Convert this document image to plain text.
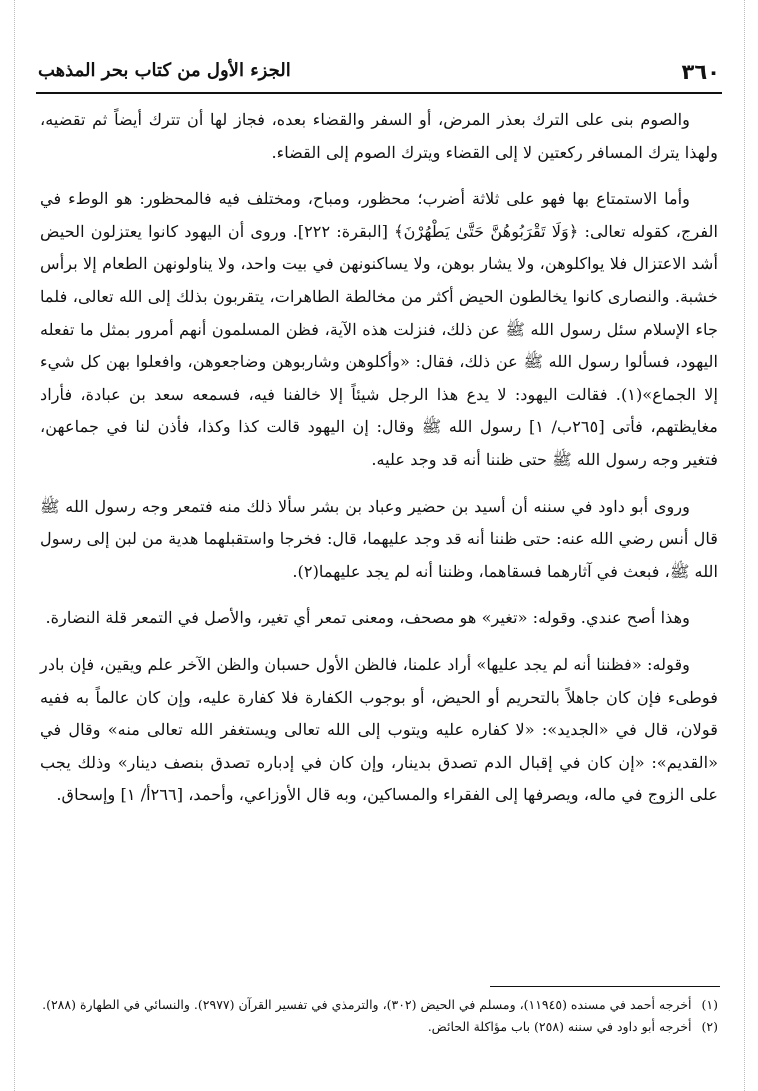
٣٦٠
الجزء الأول من كتاب بحر المذهب

والصوم بنى على الترك بعذر المرض، أو السفر والقضاء بعده، فجاز لها أن تترك أيضاً ثم تقضيه، ولهذا يترك المسافر ركعتين لا إلى القضاء ويترك الصوم إلى القضاء.

وأما الاستمتاع بها فهو على ثلاثة أضرب؛ محظور، ومباح، ومختلف فيه فالمحظور: هو الوطء في الفرج، كقوله تعالى: ﴿وَلَا تَقْرَبُوهُنَّ حَتَّىٰ يَطْهُرْنَ﴾ [البقرة: ٢٢٢]. وروى أن اليهود كانوا يعتزلون الحيض أشد الاعتزال فلا يواكلوهن، ولا يشار بوهن، ولا يساكنونهن في بيت واحد، ولا يناولونهن الطعام إلا برأس خشبة. والنصارى كانوا يخالطون الحيض أكثر من مخالطة الطاهرات، يتقربون بذلك إلى الله تعالى، فلما جاء الإسلام سئل رسول الله ﷺ عن ذلك، فنزلت هذه الآية، فظن المسلمون أنهم أمرور بمثل ما تفعله اليهود، فسألوا رسول الله ﷺ عن ذلك، فقال: «وأكلوهن وشاربوهن وضاجعوهن، وافعلوا بهن كل شيء إلا الجماع»(١). فقالت اليهود: لا يدع هذا الرجل شيئاً إلا خالفنا فيه، فسمعه سعد بن عبادة، فأراد مغايظتهم، فأتى [٢٦٥ب/ ١] رسول الله ﷺ وقال: إن اليهود قالت كذا وكذا، فأذن لنا في جماعهن، فتغير وجه رسول الله ﷺ حتى ظننا أنه قد وجد عليه.

وروى أبو داود في سننه أن أسيد بن حضير وعباد بن بشر سألا ذلك منه فتمعر وجه رسول الله ﷺ قال أنس رضي الله عنه: حتى ظننا أنه قد وجد عليهما، قال: فخرجا واستقبلهما هدية من لبن إلى رسول الله ﷺ، فبعث في آثارهما فسقاهما، وظننا أنه لم يجد عليهما(٢).

وهذا أصح عندي. وقوله: «تغير» هو مصحف، ومعنى تمعر أي تغير، والأصل في التمعر قلة النضارة.

وقوله: «فظننا أنه لم يجد عليها» أراد علمنا، فالظن الأول حسبان والظن الآخر علم ويقين، فإن بادر فوطىء فإن كان جاهلاً بالتحريم أو الحيض، أو بوجوب الكفارة فلا كفارة عليه، وإن كان عالماً به ففيه قولان، قال في «الجديد»: «لا كفاره عليه ويتوب إلى الله تعالى ويستغفر الله تعالى منه» وقال في «القديم»: «إن كان في إقبال الدم تصدق بدينار، وإن كان في إدباره تصدق بنصف دينار» وذلك يجب على الزوج في ماله، ويصرفها إلى الفقراء والمساكين، وبه قال الأوزاعي، وأحمد، [٢٦٦أ/ ١] وإسحاق.

(١)
أخرجه أحمد في مسنده (١١٩٤٥)، ومسلم في الحيض (٣٠٢)، والترمذي في تفسير القرآن (٢٩٧٧). والنسائي في الطهارة (٢٨٨).
(٢)
أخرجه أبو داود في سننه (٢٥٨) باب مؤاكلة الحائض.
